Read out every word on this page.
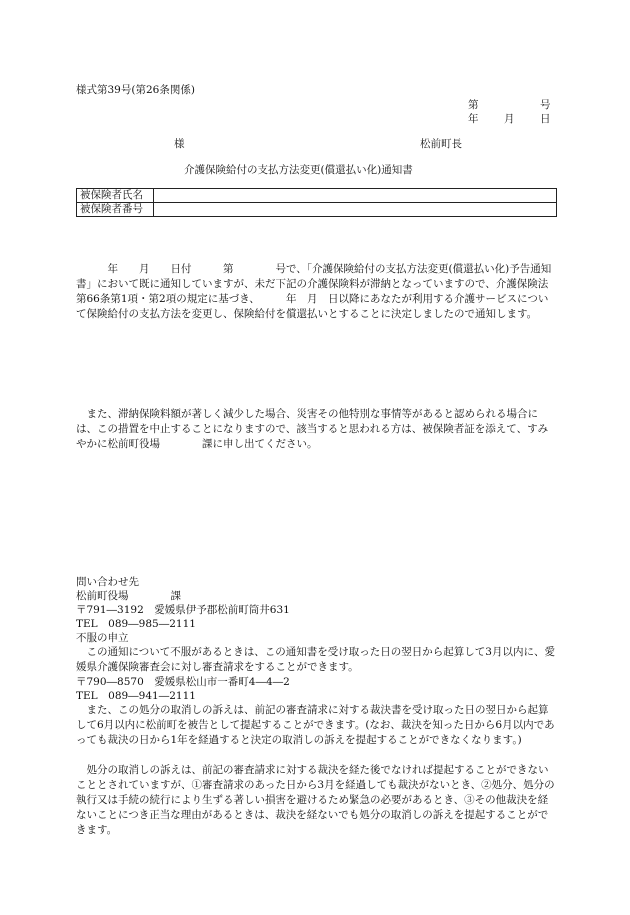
様式第39号(第26条関係)
第	号
年 月 日
様	松前町長
介護保険給付の支払方法変更(償還払い化)通知書
被保険者氏名	
被保険者番号	
　　　年　　月　　日付　　　第　　　　号で、「介護保険給付の支払方法変更(償還払い化)予告通知書」において既に通知していますが、未だ下記の介護保険料が滞納となっていますので、介護保険法第66条第1項・第2項の規定に基づき、　　　年　月　日以降にあなたが利用する介護サービスについて保険給付の支払方法を変更し、保険給付を償還払いとすることに決定しましたので通知します。
また、滞納保険料額が著しく減少した場合、災害その他特別な事情等があると認められる場合には、この措置を中止することになりますので、該当すると思われる方は、被保険者証を添えて、すみやかに松前町役場　　　　課に申し出てください。
問い合わせ先
松前町役場　　　　課
〒791―3192　愛媛県伊予郡松前町筒井631
TEL　089―985―2111
不服の申立
この通知について不服があるときは、この通知書を受け取った日の翌日から起算して3月以内に、愛媛県介護保険審査会に対し審査請求をすることができます。
〒790―8570　愛媛県松山市一番町4―4―2
TEL　089―941―2111
また、この処分の取消しの訴えは、前記の審査請求に対する裁決書を受け取った日の翌日から起算して6月以内に松前町を被告として提起することができます。(なお、裁決を知った日から6月以内であっても裁決の日から1年を経過すると決定の取消しの訴えを提起することができなくなります。)
処分の取消しの訴えは、前記の審査請求に対する裁決を経た後でなければ提起することができないこととされていますが、①審査請求のあった日から3月を経過しても裁決がないとき、②処分、処分の執行又は手続の続行により生ずる著しい損害を避けるため緊急の必要があるとき、③その他裁決を経ないことにつき正当な理由があるときは、裁決を経ないでも処分の取消しの訴えを提起することができます。
